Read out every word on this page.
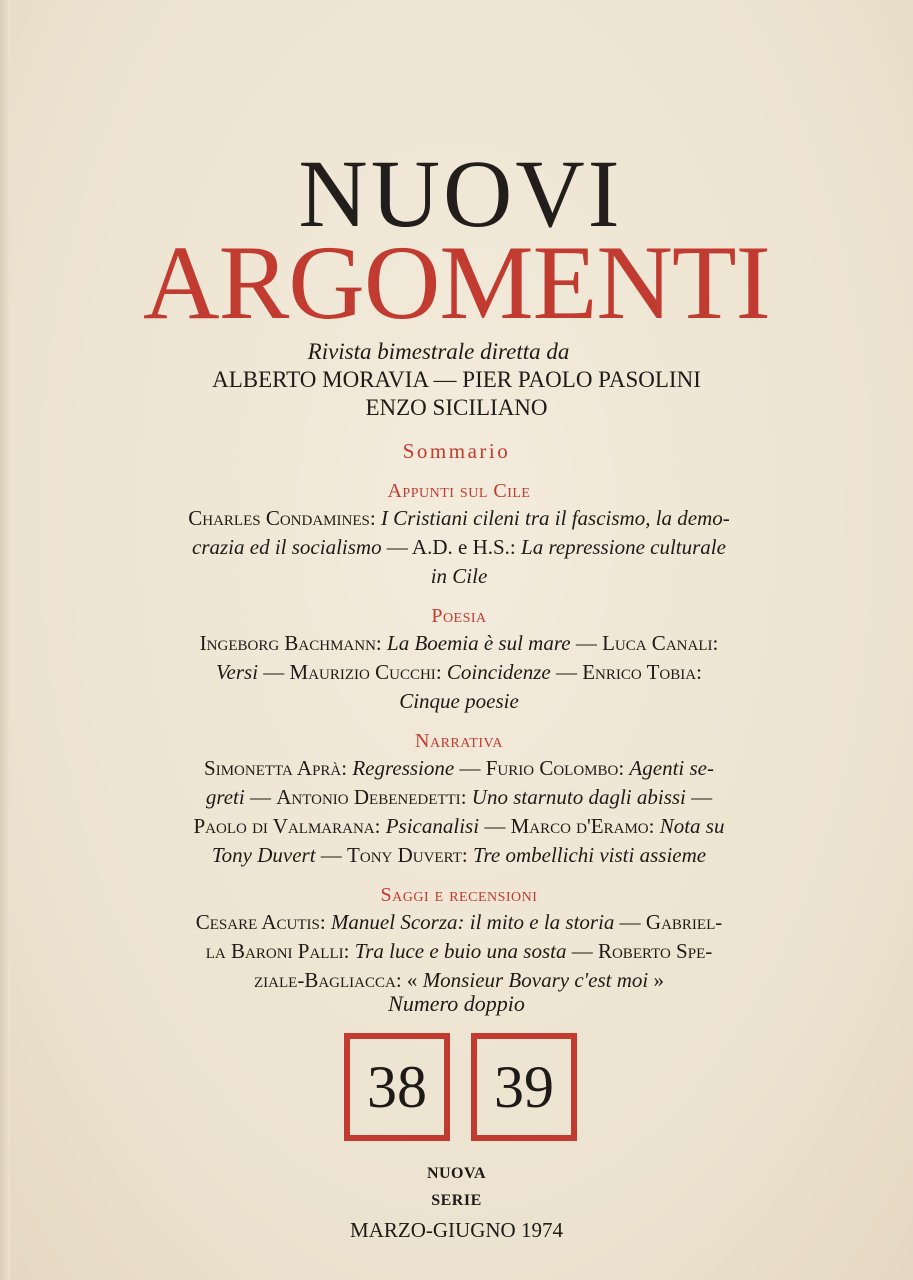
NUOVI
ARGOMENTI
Rivista bimestrale diretta da
ALBERTO MORAVIA — PIER PAOLO PASOLINI
ENZO SICILIANO
Sommario
Appunti sul Cile
Charles Condamines: I Cristiani cileni tra il fascismo, la demo-
crazia ed il socialismo — A.D. e H.S.: La repressione culturale
in Cile
Poesia
Ingeborg Bachmann: La Boemia è sul mare — Luca Canali:
Versi — Maurizio Cucchi: Coincidenze — Enrico Tobia:
Cinque poesie
Narrativa
Simonetta Aprà: Regressione — Furio Colombo: Agenti se-
greti — Antonio Debenedetti: Uno starnuto dagli abissi —
Paolo di Valmarana: Psicanalisi — Marco d'Eramo: Nota su
Tony Duvert — Tony Duvert: Tre ombellichi visti assieme
Saggi e recensioni
Cesare Acutis: Manuel Scorza: il mito e la storia — Gabriel-
la Baroni Palli: Tra luce e buio una sosta — Roberto Spe-
ziale-Bagliacca: « Monsieur Bovary c'est moi »
Numero doppio
38	39
NUOVA
SERIE
MARZO-GIUGNO 1974
